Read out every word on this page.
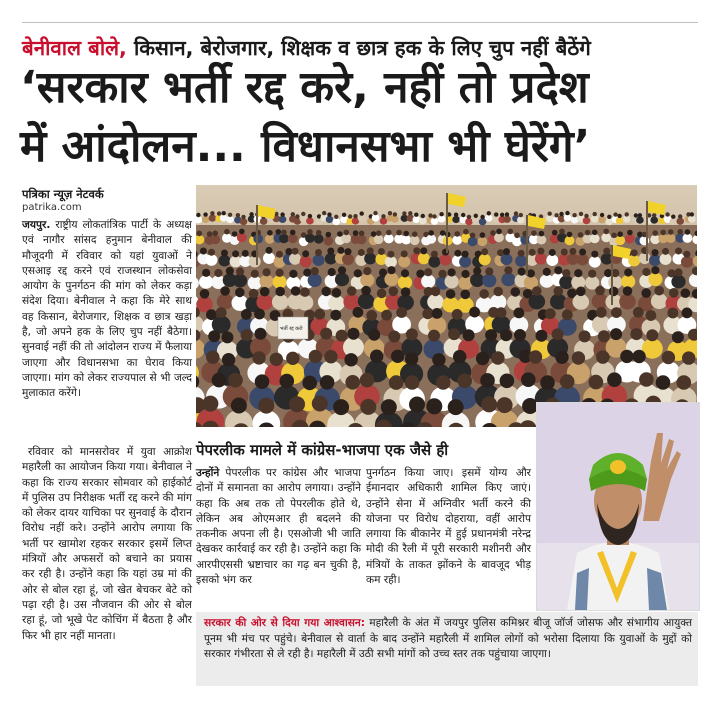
बेनीवाल बोले, किसान, बेरोजगार, शिक्षक व छात्र हक के लिए चुप नहीं बैठेंगे
‘सरकार भर्ती रद्द करे, नहीं तो प्रदेश
में आंदोलन... विधानसभा भी घेरेंगे’
पत्रिका न्यूज़ नेटवर्क
patrika.com

जयपुर. राष्ट्रीय लोकतांत्रिक पार्टी के अध्यक्ष एवं नागौर सांसद हनुमान बेनीवाल की मौजूदगी में रविवार को यहां युवाओं ने एसआइ रद्द करने एवं राजस्थान लोकसेवा आयोग के पुनर्गठन की मांग को लेकर कड़ा संदेश दिया। बेनीवाल ने कहा कि मेरे साथ वह किसान, बेरोजगार, शिक्षक व छात्र खड़ा है, जो अपने हक के लिए चुप नहीं बैठेगा। सुनवाई नहीं की तो आंदोलन राज्य में फैलाया जाएगा और विधानसभा का घेराव किया जाएगा। मांग को लेकर राज्यपाल से भी जल्द मुलाकात करेंगे।

रविवार को मानसरोवर में युवा आक्रोश महारैली का आयोजन किया गया। बेनीवाल ने कहा कि राज्य सरकार सोमवार को हाईकोर्ट में पुलिस उप निरीक्षक भर्ती रद्द करने की मांग को लेकर दायर याचिका पर सुनवाई के दौरान विरोध नहीं करे। उन्होंने आरोप लगाया कि भर्ती पर खामोश रहकर सरकार इसमें लिप्त मंत्रियों और अफसरों को बचाने का प्रयास कर रही है। उन्होंने कहा कि यहां उम्र मां की ओर से बोल रहा हूं, जो खेत बेचकर बेटे को पढ़ा रही है। उस नौजवान की ओर से बोल रहा हूं, जो भूखे पेट कोचिंग में बैठता है और फिर भी हार नहीं मानता।

भर्ती रद्द करो
पेपरलीक मामले में कांग्रेस-भाजपा एक जैसे ही

उन्होंने पेपरलीक पर कांग्रेस और भाजपा दोनों में समानता का आरोप लगाया। उन्होंने कहा कि अब तक तो पेपरलीक होते थे, लेकिन अब ओएमआर ही बदलने की तकनीक अपना ली है। एसओजी भी जाति देखकर कार्रवाई कर रही है। उन्होंने कहा कि आरपीएससी भ्रष्टाचार का गढ़ बन चुकी है, इसको भंग कर

पुनर्गठन किया जाए। इसमें योग्य और ईमानदार अधिकारी शामिल किए जाएं। उन्होंने सेना में अग्निवीर भर्ती करने की योजना पर विरोध दोहराया, वहीं आरोप लगाया कि बीकानेर में हुई प्रधानमंत्री नरेन्द्र मोदी की रैली में पूरी सरकारी मशीनरी और मंत्रियों के ताकत झोंकने के बावजूद भीड़ कम रही।

सरकार की ओर से दिया गया आश्वासन: महारैली के अंत में जयपुर पुलिस कमिश्नर बीजू जॉर्ज जोसफ और संभागीय आयुक्त पूनम भी मंच पर पहुंचे। बेनीवाल से वार्ता के बाद उन्होंने महारैली में शामिल लोगों को भरोसा दिलाया कि युवाओं के मुद्दों को सरकार गंभीरता से ले रही है। महारैली में उठी सभी मांगों को उच्च स्तर तक पहुंचाया जाएगा।
